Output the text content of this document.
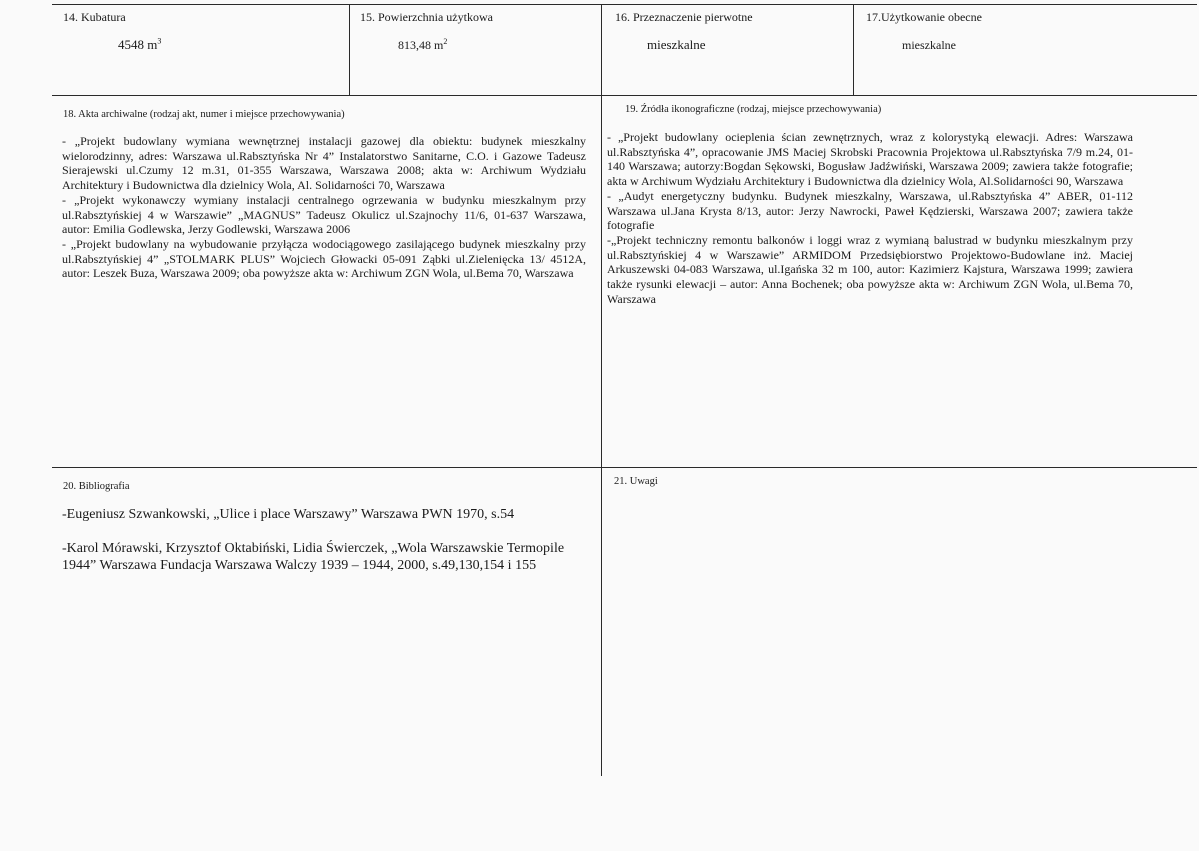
14. Kubatura
4548 $m^3$
15. Powierzchnia użytkowa
813,48 $m^2$
16. Przeznaczenie pierwotne
mieszkalne
17.Użytkowanie obecne
mieszkalne
18. Akta archiwalne (rodzaj akt, numer i miejsce przechowywania)

- „Projekt budowlany wymiana wewnętrznej instalacji gazowej dla obiektu: budynek mieszkalny wielorodzinny, adres: Warszawa ul.Rabsztyńska Nr 4” Instalatorstwo Sanitarne, C.O. i Gazowe Tadeusz Sierajewski ul.Czumy 12 m.31, 01-355 Warszawa, Warszawa 2008; akta w: Archiwum Wydziału Architektury i Budownictwa dla dzielnicy Wola, Al. Solidarności 70, Warszawa

- „Projekt wykonawczy wymiany instalacji centralnego ogrzewania w budynku mieszkalnym przy ul.Rabsztyńskiej 4 w Warszawie” „MAGNUS” Tadeusz Okulicz ul.Szajnochy 11/6, 01-637 Warszawa, autor: Emilia Godlewska, Jerzy Godlewski, Warszawa 2006

- „Projekt budowlany na wybudowanie przyłącza wodociągowego zasilającego budynek mieszkalny przy ul.Rabsztyńskiej 4” „STOLMARK PLUS” Wojciech Głowacki 05-091 Ząbki ul.Zielenięcka 13/ 4512A, autor: Leszek Buza, Warszawa 2009; oba powyższe akta w: Archiwum ZGN Wola, ul.Bema 70, Warszawa

19. Źródła ikonograficzne (rodzaj, miejsce przechowywania)

- „Projekt budowlany ocieplenia ścian zewnętrznych, wraz z kolorystyką elewacji. Adres: Warszawa ul.Rabsztyńska 4”, opracowanie JMS Maciej Skrobski Pracownia Projektowa ul.Rabsztyńska 7/9 m.24, 01-140 Warszawa; autorzy:Bogdan Sękowski, Bogusław Jadźwiński, Warszawa 2009; zawiera także fotografie; akta w Archiwum Wydziału Architektury i Budownictwa dla dzielnicy Wola, Al.Solidarności 90, Warszawa

- „Audyt energetyczny budynku. Budynek mieszkalny, Warszawa, ul.Rabsztyńska 4” ABER, 01-112 Warszawa ul.Jana Krysta 8/13, autor: Jerzy Nawrocki, Paweł Kędzierski, Warszawa 2007; zawiera także fotografie

-„Projekt techniczny remontu balkonów i loggi wraz z wymianą balustrad w budynku mieszkalnym przy ul.Rabsztyńskiej 4 w Warszawie” ARMIDOM Przedsiębiorstwo Projektowo-Budowlane inż. Maciej Arkuszewski 04-083 Warszawa, ul.Igańska 32 m 100, autor: Kazimierz Kajstura, Warszawa 1999; zawiera także rysunki elewacji – autor: Anna Bochenek; oba powyższe akta w: Archiwum ZGN Wola, ul.Bema 70, Warszawa

20. Bibliografia

-Eugeniusz Szwankowski, „Ulice i place Warszawy” Warszawa PWN 1970, s.54

-Karol Mórawski, Krzysztof Oktabiński, Lidia Świerczek, „Wola Warszawskie Termopile 1944” Warszawa Fundacja Warszawa Walczy 1939 – 1944, 2000, s.49,130,154 i 155

21. Uwagi
